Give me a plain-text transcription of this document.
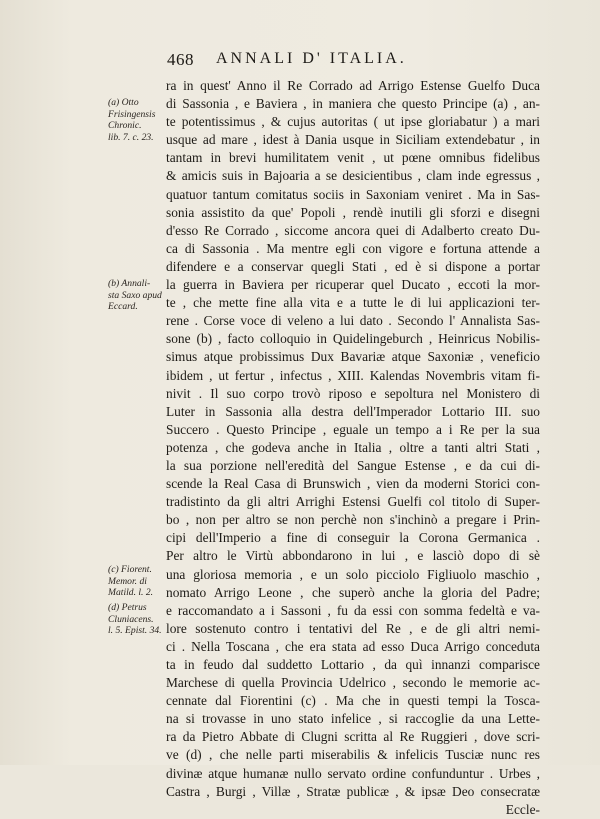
468 ANNALI D' ITALIA.
ra in quest' Anno il Re Corrado ad Arrigo Estense Guelfo Duca
di Sassonia , e Baviera , in maniera che questo Principe (a) , an-
te potentissimus , & cujus autoritas ( ut ipse gloriabatur ) a mari
usque ad mare , idest à Dania usque in Siciliam extendebatur , in
tantam in brevi humilitatem venit , ut pœne omnibus fidelibus
& amicis suis in Bajoaria a se desicientibus , clam inde egressus ,
quatuor tantum comitatus sociis in Saxoniam veniret . Ma in Sas-
sonia assistito da que' Popoli , rendè inutili gli sforzi e disegni
d'esso Re Corrado , siccome ancora quei di Adalberto creato Du-
ca di Sassonia . Ma mentre egli con vigore e fortuna attende a
difendere e a conservar quegli Stati , ed è si dispone a portar
la guerra in Baviera per ricuperar quel Ducato , eccoti la mor-
te , che mette fine alla vita e a tutte le di lui applicazioni ter-
rene . Corse voce di veleno a lui dato . Secondo l' Annalista Sas-
sone (b) , facto colloquio in Quidelingeburch , Heinricus Nobilis-
simus atque probissimus Dux Bavariæ atque Saxoniæ , veneficio
ibidem , ut fertur , infectus , XIII. Kalendas Novembris vitam fi-
nivit . Il suo corpo trovò riposo e sepoltura nel Monistero di
Luter in Sassonia alla destra dell'Imperador Lottario III. suo
Succero . Questo Principe , eguale un tempo a i Re per la sua
potenza , che godeva anche in Italia , oltre a tanti altri Stati ,
la sua porzione nell'eredità del Sangue Estense , e da cui di-
scende la Real Casa di Brunswich , vien da moderni Storici con-
tradistinto da gli altri Arrighi Estensi Guelfi col titolo di Super-
bo , non per altro se non perchè non s'inchinò a pregare i Prin-
cipi dell'Imperio a fine di conseguir la Corona Germanica .
Per altro le Virtù abbondarono in lui , e lasciò dopo di sè
una gloriosa memoria , e un solo picciolo Figliuolo maschio ,
nomato Arrigo Leone , che superò anche la gloria del Padre;
e raccomandato a i Sassoni , fu da essi con somma fedeltà e va-
lore sostenuto contro i tentativi del Re , e de gli altri nemi-
ci . Nella Toscana , che era stata ad esso Duca Arrigo conceduta
ta in feudo dal suddetto Lottario , da quì innanzi comparisce
Marchese di quella Provincia Udelrico , secondo le memorie ac-
cennate dal Fiorentini (c) . Ma che in questi tempi la Tosca-
na si trovasse in uno stato infelice , si raccoglie da una Lette-
ra da Pietro Abbate di Clugni scritta al Re Ruggieri , dove scri-
ve (d) , che nelle parti miserabilis & infelicis Tusciæ nunc res
divinæ atque humanæ nullo servato ordine confunduntur . Urbes ,
Castra , Burgi , Villæ , Stratæ publicæ , & ipsæ Deo consecratæ
Eccle-
(a) Otto
Frisingensis
Chronic.
lib. 7. c. 23.
(b) Annali-
sta Saxo apud
Eccard.
(c) Fiorent.
Memor. di
Matild. l. 2.
(d) Petrus
Cluniacens.
l. 5. Epist. 34.
